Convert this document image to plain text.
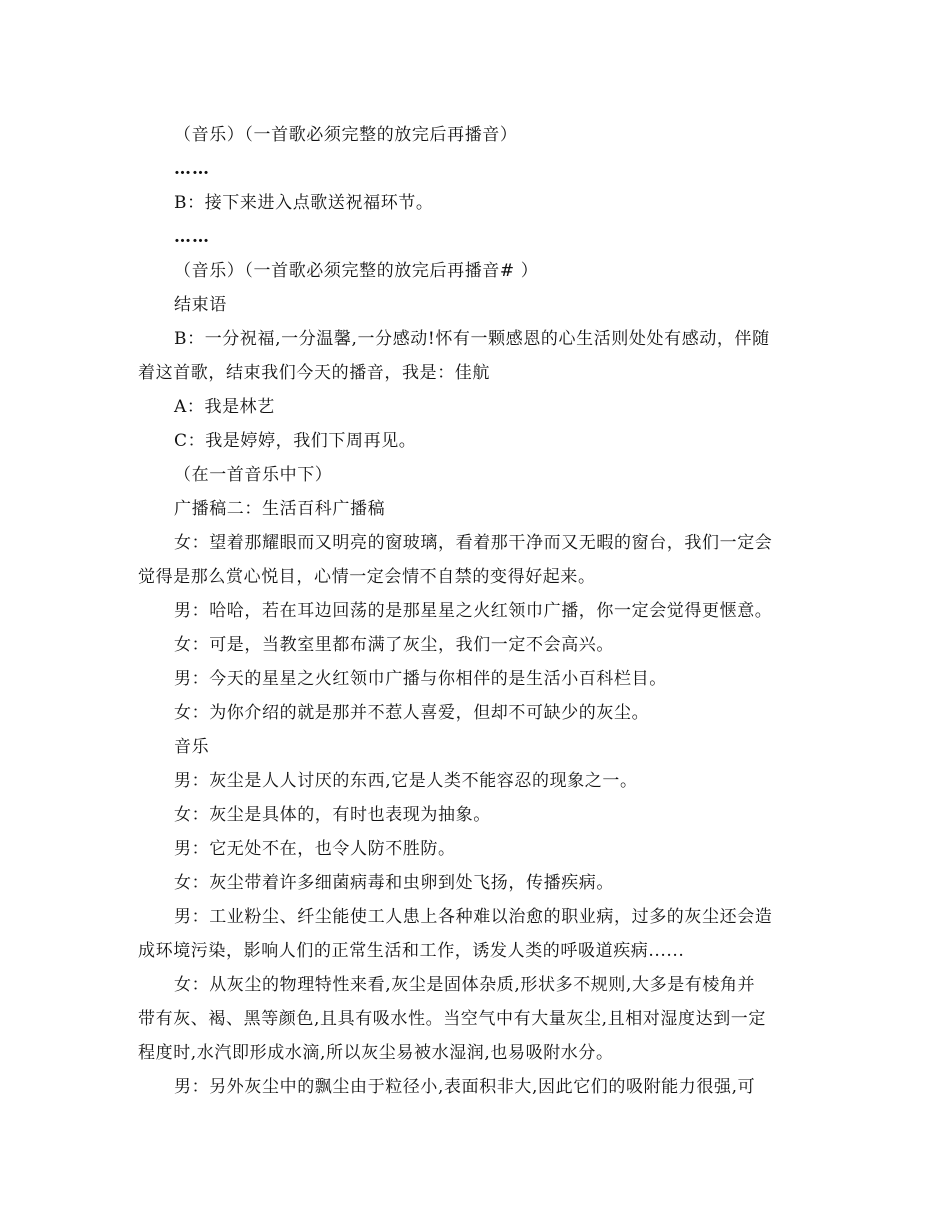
（音乐）（一首歌必须完整的放完后再播音）
……
B：接下来进入点歌送祝福环节。
……
（音乐）（一首歌必须完整的放完后再播音# ）
结束语
B：一分祝福,一分温馨,一分感动!怀有一颗感恩的心生活则处处有感动，伴随
着这首歌，结束我们今天的播音，我是：佳航
A：我是林艺
C：我是婷婷，我们下周再见。
（在一首音乐中下）
广播稿二：生活百科广播稿
女：望着那耀眼而又明亮的窗玻璃，看着那干净而又无暇的窗台，我们一定会
觉得是那么赏心悦目，心情一定会情不自禁的变得好起来。
男：哈哈，若在耳边回荡的是那星星之火红领巾广播，你一定会觉得更惬意。
女：可是，当教室里都布满了灰尘，我们一定不会高兴。
男：今天的星星之火红领巾广播与你相伴的是生活小百科栏目。
女：为你介绍的就是那并不惹人喜爱，但却不可缺少的灰尘。
音乐
男：灰尘是人人讨厌的东西,它是人类不能容忍的现象之一。
女：灰尘是具体的，有时也表现为抽象。
男：它无处不在，也令人防不胜防。
女：灰尘带着许多细菌病毒和虫卵到处飞扬，传播疾病。
男：工业粉尘、纤尘能使工人患上各种难以治愈的职业病，过多的灰尘还会造
成环境污染，影响人们的正常生活和工作，诱发人类的呼吸道疾病......
女：从灰尘的物理特性来看,灰尘是固体杂质,形状多不规则,大多是有棱角并
带有灰、褐、黑等颜色,且具有吸水性。当空气中有大量灰尘,且相对湿度达到一定
程度时,水汽即形成水滴,所以灰尘易被水湿润,也易吸附水分。
男：另外灰尘中的飘尘由于粒径小,表面积非大,因此它们的吸附能力很强,可
